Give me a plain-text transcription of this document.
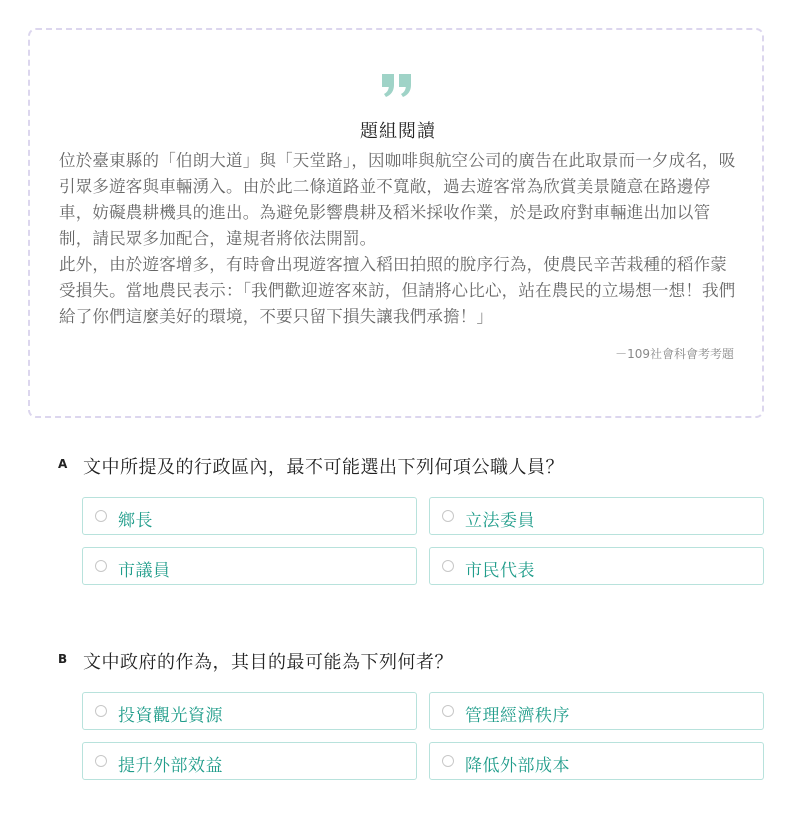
題組閱讀

位於臺東縣的「伯朗大道」與「天堂路」，因咖啡與航空公司的廣告在此取景而一夕成名，吸引眾多遊客與車輛湧入。由於此二條道路並不寬敞，過去遊客常為欣賞美景隨意在路邊停車，妨礙農耕機具的進出。為避免影響農耕及稻米採收作業，於是政府對車輛進出加以管制，請民眾多加配合，違規者將依法開罰。

此外，由於遊客增多，有時會出現遊客擅入稻田拍照的脫序行為，使農民辛苦栽種的稻作蒙受損失。當地農民表示：「我們歡迎遊客來訪，但請將心比心，站在農民的立場想一想！我們給了你們這麼美好的環境，不要只留下損失讓我們承擔！」

－109社會科會考考題
A 文中所提及的行政區內，最不可能選出下列何項公職人員？
鄉長	立法委員
市議員	市民代表
B 文中政府的作為，其目的最可能為下列何者？
投資觀光資源	管理經濟秩序
提升外部效益	降低外部成本
